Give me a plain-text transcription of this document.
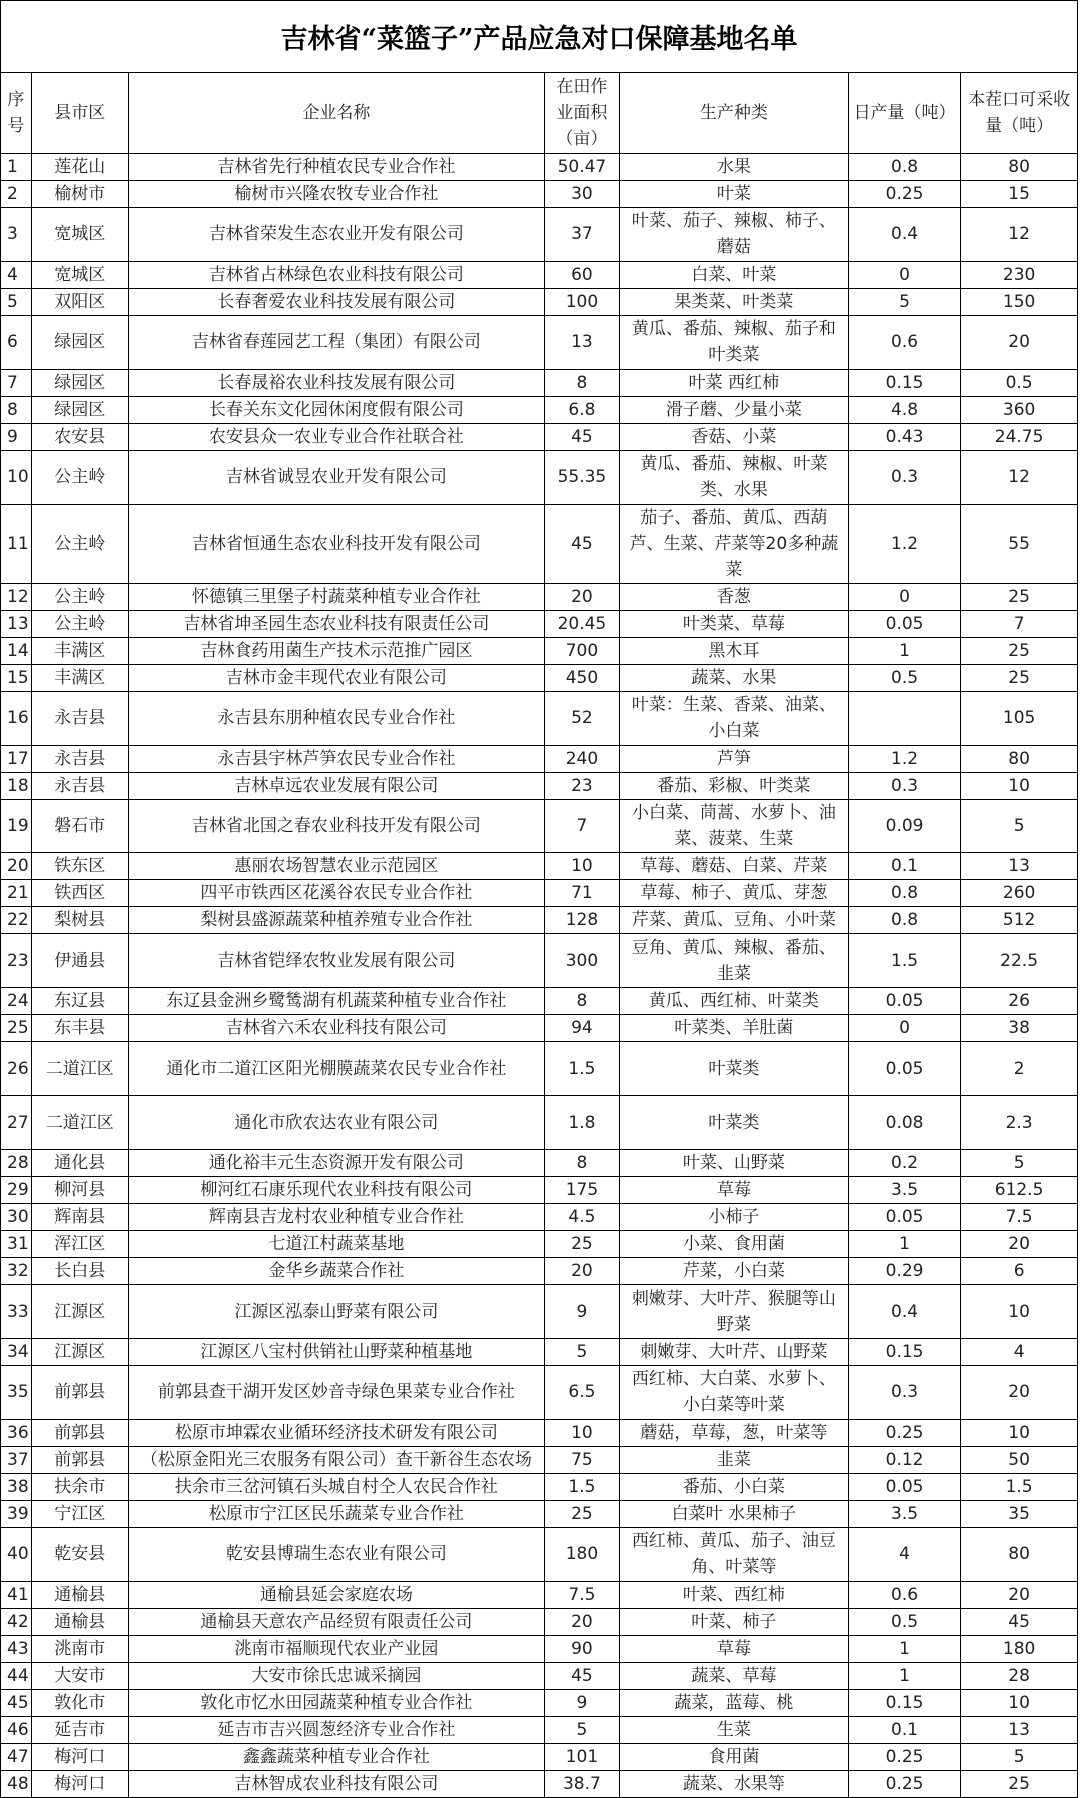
吉林省“菜篮子”产品应急对口保障基地名单
序号	县市区	企业名称	在田作业面积（亩）	生产种类	日产量（吨）	本茬口可采收量（吨）
1	莲花山	吉林省先行种植农民专业合作社	50.47	水果	0.8	80
2	榆树市	榆树市兴隆农牧专业合作社	30	叶菜	0.25	15
3	宽城区	吉林省荣发生态农业开发有限公司	37	叶菜、茄子、辣椒、柿子、蘑菇	0.4	12
4	宽城区	吉林省占林绿色农业科技有限公司	60	白菜、叶菜	0	230
5	双阳区	长春奢爱农业科技发展有限公司	100	果类菜、叶类菜	5	150
6	绿园区	吉林省春莲园艺工程（集团）有限公司	13	黄瓜、番茄、辣椒、茄子和叶类菜	0.6	20
7	绿园区	长春晟裕农业科技发展有限公司	8	叶菜 西红柿	0.15	0.5
8	绿园区	长春关东文化园休闲度假有限公司	6.8	滑子蘑、少量小菜	4.8	360
9	农安县	农安县众一农业专业合作社联合社	45	香菇、小菜	0.43	24.75
10	公主岭	吉林省诚昱农业开发有限公司	55.35	黄瓜、番茄、辣椒、叶菜类、水果	0.3	12
11	公主岭	吉林省恒通生态农业科技开发有限公司	45	茄子、番茄、黄瓜、西葫芦、生菜、芹菜等20多种蔬菜	1.2	55
12	公主岭	怀德镇三里堡子村蔬菜种植专业合作社	20	香葱	0	25
13	公主岭	吉林省坤圣园生态农业科技有限责任公司	20.45	叶类菜、草莓	0.05	7
14	丰满区	吉林食药用菌生产技术示范推广园区	700	黑木耳	1	25
15	丰满区	吉林市金丰现代农业有限公司	450	蔬菜、水果	0.5	25
16	永吉县	永吉县东朋种植农民专业合作社	52	叶菜：生菜、香菜、油菜、小白菜		105
17	永吉县	永吉县宇林芦笋农民专业合作社	240	芦笋	1.2	80
18	永吉县	吉林卓远农业发展有限公司	23	番茄、彩椒、叶类菜	0.3	10
19	磐石市	吉林省北国之春农业科技开发有限公司	7	小白菜、茼蒿、水萝卜、油菜、菠菜、生菜	0.09	5
20	铁东区	惠丽农场智慧农业示范园区	10	草莓、蘑菇、白菜、芹菜	0.1	13
21	铁西区	四平市铁西区花溪谷农民专业合作社	71	草莓、柿子、黄瓜、芽葱	0.8	260
22	梨树县	梨树县盛源蔬菜种植养殖专业合作社	128	芹菜、黄瓜、豆角、小叶菜	0.8	512
23	伊通县	吉林省铠绎农牧业发展有限公司	300	豆角、黄瓜、辣椒、番茄、韭菜	1.5	22.5
24	东辽县	东辽县金洲乡鹭鸶湖有机蔬菜种植专业合作社	8	黄瓜、西红柿、叶菜类	0.05	26
25	东丰县	吉林省六禾农业科技有限公司	94	叶菜类、羊肚菌	0	38
26	二道江区	通化市二道江区阳光棚膜蔬菜农民专业合作社	1.5	叶菜类	0.05	2
27	二道江区	通化市欣农达农业有限公司	1.8	叶菜类	0.08	2.3
28	通化县	通化裕丰元生态资源开发有限公司	8	叶菜、山野菜	0.2	5
29	柳河县	柳河红石康乐现代农业科技有限公司	175	草莓	3.5	612.5
30	辉南县	辉南县吉龙村农业种植专业合作社	4.5	小柿子	0.05	7.5
31	浑江区	七道江村蔬菜基地	25	小菜、食用菌	1	20
32	长白县	金华乡蔬菜合作社	20	芹菜，小白菜	0.29	6
33	江源区	江源区泓泰山野菜有限公司	9	刺嫩芽、大叶芹、猴腿等山野菜	0.4	10
34	江源区	江源区八宝村供销社山野菜种植基地	5	刺嫩芽、大叶芹、山野菜	0.15	4
35	前郭县	前郭县查干湖开发区妙音寺绿色果菜专业合作社	6.5	西红柿、大白菜、水萝卜、小白菜等叶菜	0.3	20
36	前郭县	松原市坤霖农业循环经济技术研发有限公司	10	蘑菇，草莓，葱，叶菜等	0.25	10
37	前郭县	（松原金阳光三农服务有限公司）查干新谷生态农场	75	韭菜	0.12	50
38	扶余市	扶余市三岔河镇石头城自村仝人农民合作社	1.5	番茄、小白菜	0.05	1.5
39	宁江区	松原市宁江区民乐蔬菜专业合作社	25	白菜叶 水果柿子	3.5	35
40	乾安县	乾安县博瑞生态农业有限公司	180	西红柿、黄瓜、茄子、油豆角、叶菜等	4	80
41	通榆县	通榆县延会家庭农场	7.5	叶菜、西红柿	0.6	20
42	通榆县	通榆县天意农产品经贸有限责任公司	20	叶菜、柿子	0.5	45
43	洮南市	洮南市福顺现代农业产业园	90	草莓	1	180
44	大安市	大安市徐氏忠诚采摘园	45	蔬菜、草莓	1	28
45	敦化市	敦化市忆水田园蔬菜种植专业合作社	9	蔬菜，蓝莓、桃	0.15	10
46	延吉市	延吉市吉兴圆葱经济专业合作社	5	生菜	0.1	13
47	梅河口	鑫鑫蔬菜种植专业合作社	101	食用菌	0.25	5
48	梅河口	吉林智成农业科技有限公司	38.7	蔬菜、水果等	0.25	25
